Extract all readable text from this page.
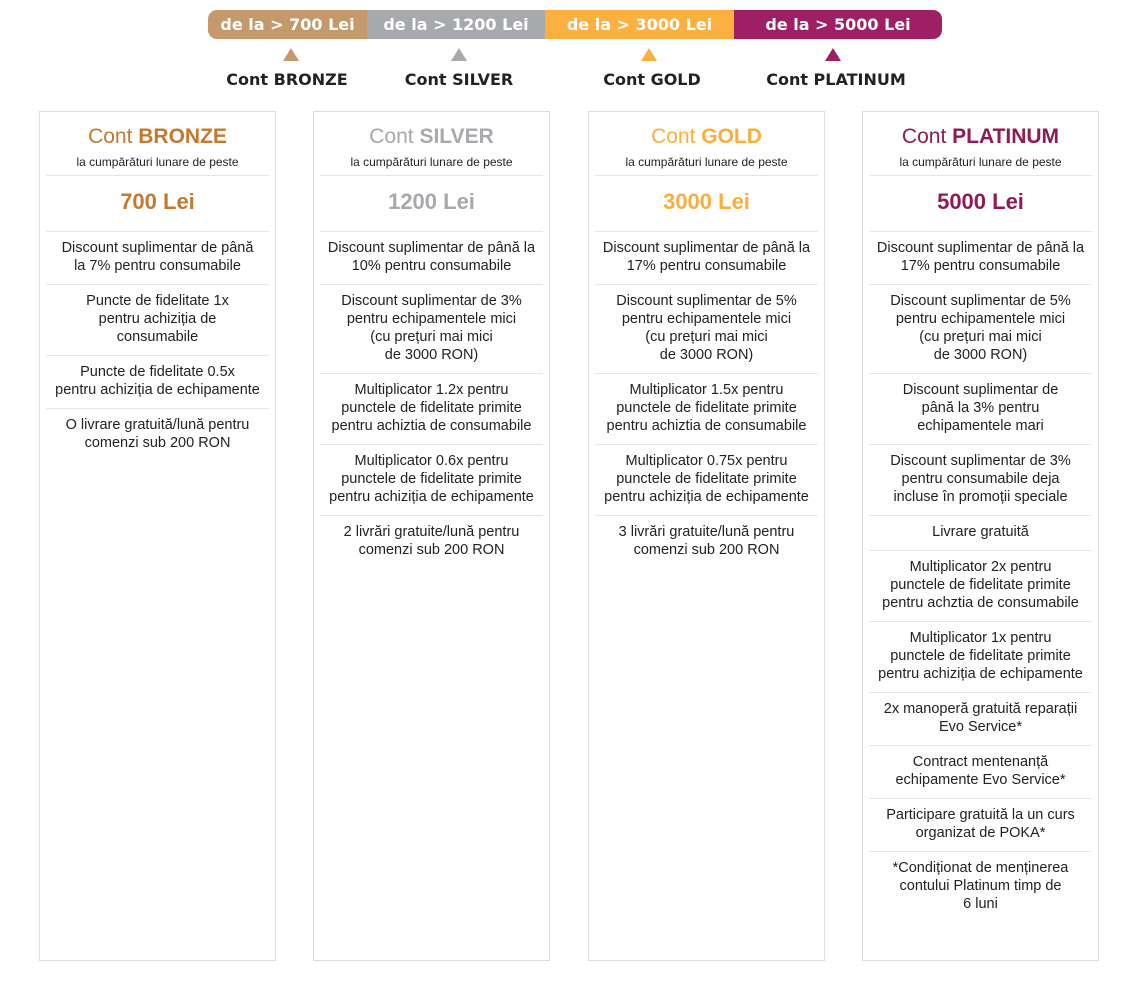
de la > 700 Lei	de la > 1200 Lei	de la > 3000 Lei	de la > 5000 Lei
Cont BRONZE	Cont SILVER	Cont GOLD	Cont PLATINUM
Cont BRONZE
la cumpărături lunare de peste
700 Lei
Discount suplimentar de până
la 7% pentru consumabile
Puncte de fidelitate 1x
pentru achiziția de
consumabile
Puncte de fidelitate 0.5x
pentru achiziția de echipamente
O livrare gratuită/lună pentru
comenzi sub 200 RON
Cont SILVER
la cumpărături lunare de peste
1200 Lei
Discount suplimentar de până la
10% pentru consumabile
Discount suplimentar de 3%
pentru echipamentele mici
(cu prețuri mai mici
de 3000 RON)
Multiplicator 1.2x pentru
punctele de fidelitate primite
pentru achiztia de consumabile
Multiplicator 0.6x pentru
punctele de fidelitate primite
pentru achiziția de echipamente
2 livrări gratuite/lună pentru
comenzi sub 200 RON
Cont GOLD
la cumpărături lunare de peste
3000 Lei
Discount suplimentar de până la
17% pentru consumabile
Discount suplimentar de 5%
pentru echipamentele mici
(cu prețuri mai mici
de 3000 RON)
Multiplicator 1.5x pentru
punctele de fidelitate primite
pentru achiztia de consumabile
Multiplicator 0.75x pentru
punctele de fidelitate primite
pentru achiziția de echipamente
3 livrări gratuite/lună pentru
comenzi sub 200 RON
Cont PLATINUM
la cumpărături lunare de peste
5000 Lei
Discount suplimentar de până la
17% pentru consumabile
Discount suplimentar de 5%
pentru echipamentele mici
(cu prețuri mai mici
de 3000 RON)
Discount suplimentar de
până la 3% pentru
echipamentele mari
Discount suplimentar de 3%
pentru consumabile deja
incluse în promoții speciale
Livrare gratuită
Multiplicator 2x pentru
punctele de fidelitate primite
pentru achztia de consumabile
Multiplicator 1x pentru
punctele de fidelitate primite
pentru achiziția de echipamente
2x manoperă gratuită reparații
Evo Service*
Contract mentenanță
echipamente Evo Service*
Participare gratuită la un curs
organizat de POKA*
*Condiționat de menținerea
contului Platinum timp de
6 luni
